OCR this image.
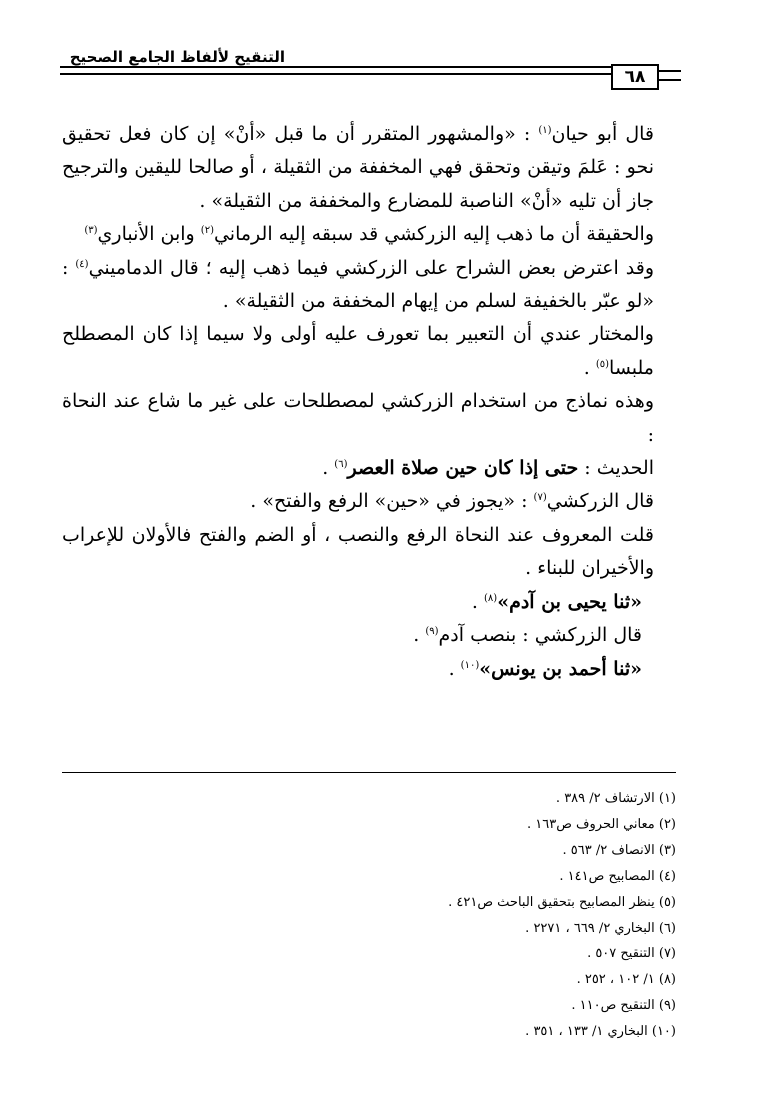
التنقيح لألفاظ الجامع الصحيح
٦٨

قال أبو حيان$^{(١)}$ : «والمشهور المتقرر أن ما قبل «أنْ» إن كان فعل تحقيق نحو : عَلمَ وتيقن وتحقق فهي المخففة من الثقيلة ، أو صالحا لليقين والترجيح جاز أن تليه «أنْ» الناصبة للمضارع والمخففة من الثقيلة» .

والحقيقة أن ما ذهب إليه الزركشي قد سبقه إليه الرماني$^{(٢)}$ وابن الأنباري$^{(٣)}$

وقد اعترض بعض الشراح على الزركشي فيما ذهب إليه ؛ قال الدماميني$^{(٤)}$ : «لو عبّر بالخفيفة لسلم من إيهام المخففة من الثقيلة» .

والمختار عندي أن التعبير بما تعورف عليه أولى ولا سيما إذا كان المصطلح ملبسا$^{(٥)}$ .

وهذه نماذج من استخدام الزركشي لمصطلحات على غير ما شاع عند النحاة :

الحديث : حتى إذا كان حين صلاة العصر$^{(٦)}$ .

قال الزركشي$^{(٧)}$ : «يجوز في «حين» الرفع والفتح» .

قلت المعروف عند النحاة الرفع والنصب ، أو الضم والفتح فالأولان للإعراب والأخيران للبناء .

«ثنا يحيى بن آدم»$^{(٨)}$ .

قال الزركشي : بنصب آدم$^{(٩)}$ .

«ثنا أحمد بن يونس»$^{(١٠)}$ .

(١) الارتشاف ٢/ ٣٨٩ .
(٢) معاني الحروف ص١٦٣ .
(٣) الانصاف ٢/ ٥٦٣ .
(٤) المصابيح ص١٤١ .
(٥) ينظر المصابيح بتحقيق الباحث ص٤٢١ .
(٦) البخاري ٢/ ٦٦٩ ، ٢٢٧١ .
(٧) التنقيح ٥٠٧ .
(٨) ١/ ١٠٢ ، ٢٥٢ .
(٩) التنقيح ص١١٠ .
(١٠) البخاري ١/ ١٣٣ ، ٣٥١ .
